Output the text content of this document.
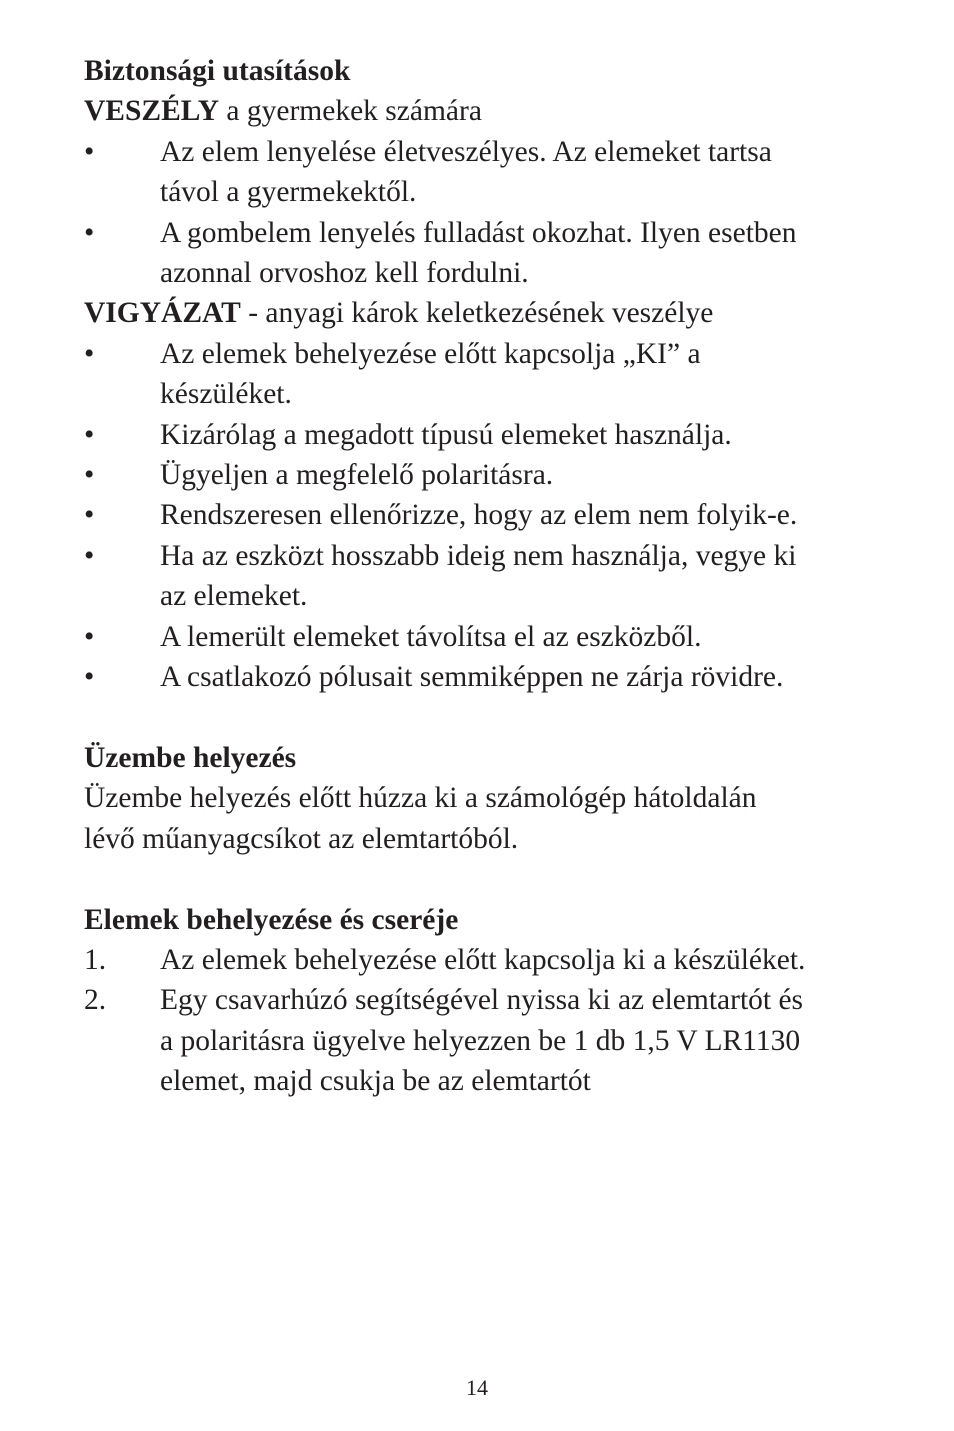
Biztonsági utasítások
VESZÉLY a gyermekek számára
• Az elem lenyelése életveszélyes. Az elemeket tartsa
távol a gyermekektől.
• A gombelem lenyelés fulladást okozhat. Ilyen esetben
azonnal orvoshoz kell fordulni.
VIGYÁZAT - anyagi károk keletkezésének veszélye
• Az elemek behelyezése előtt kapcsolja „KI” a
készüléket.
• Kizárólag a megadott típusú elemeket használja.
• Ügyeljen a megfelelő polaritásra.
• Rendszeresen ellenőrizze, hogy az elem nem folyik-e.
• Ha az eszközt hosszabb ideig nem használja, vegye ki
az elemeket.
• A lemerült elemeket távolítsa el az eszközből.
• A csatlakozó pólusait semmiképpen ne zárja rövidre.
Üzembe helyezés
Üzembe helyezés előtt húzza ki a számológép hátoldalán
lévő műanyagcsíkot az elemtartóból.
Elemek behelyezése és cseréje
1. Az elemek behelyezése előtt kapcsolja ki a készüléket.
2. Egy csavarhúzó segítségével nyissa ki az elemtartót és
a polaritásra ügyelve helyezzen be 1 db 1,5 V LR1130
elemet, majd csukja be az elemtartót
14
